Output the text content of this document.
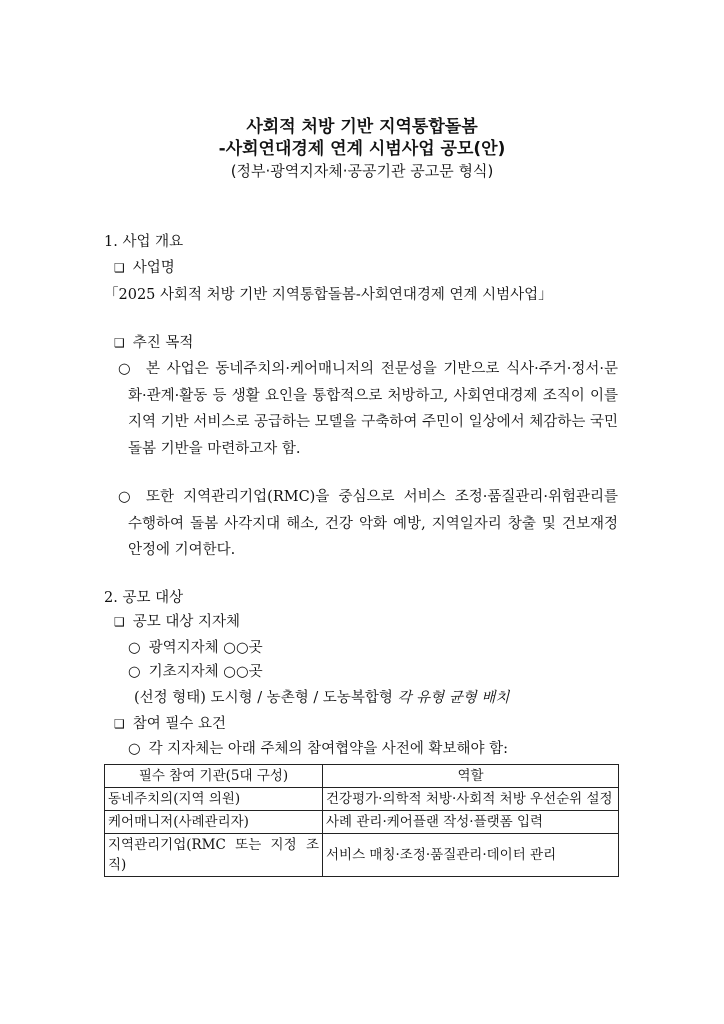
사회적 처방 기반 지역통합돌봄
-사회연대경제 연계 시범사업 공모(안)
(정부·광역지자체·공공기관 공고문 형식)
1. 사업 개요
❑ 사업명
「2025 사회적 처방 기반 지역통합돌봄-사회연대경제 연계 시범사업」
❑ 추진 목적
○	본 사업은 동네주치의·케어매니저의 전문성을 기반으로 식사·주거·정서·문화·관계·활동 등 생활 요인을 통합적으로 처방하고, 사회연대경제 조직이 이를 지역 기반 서비스로 공급하는 모델을 구축하여 주민이 일상에서 체감하는 국민돌봄 기반을 마련하고자 함.
○	또한 지역관리기업(RMC)을 중심으로 서비스 조정·품질관리·위험관리를 수행하여 돌봄 사각지대 해소, 건강 악화 예방, 지역일자리 창출 및 건보재정 안정에 기여한다.
2. 공모 대상
❑ 공모 대상 지자체
○ 광역지자체 ○○곳
○ 기초지자체 ○○곳
(선정 형태) 도시형 / 농촌형 / 도농복합형 각 유형 균형 배치
❑ 참여 필수 요건
○ 각 지자체는 아래 주체의 참여협약을 사전에 확보해야 함:
필수 참여 기관(5대 구성)	역할
동네주치의(지역 의원)	건강평가·의학적 처방·사회적 처방 우선순위 설정
케어매니저(사례관리자)	사례 관리·케어플랜 작성·플랫폼 입력
지역관리기업(RMC 또는 지정 조직)	서비스 매칭·조정·품질관리·데이터 관리
